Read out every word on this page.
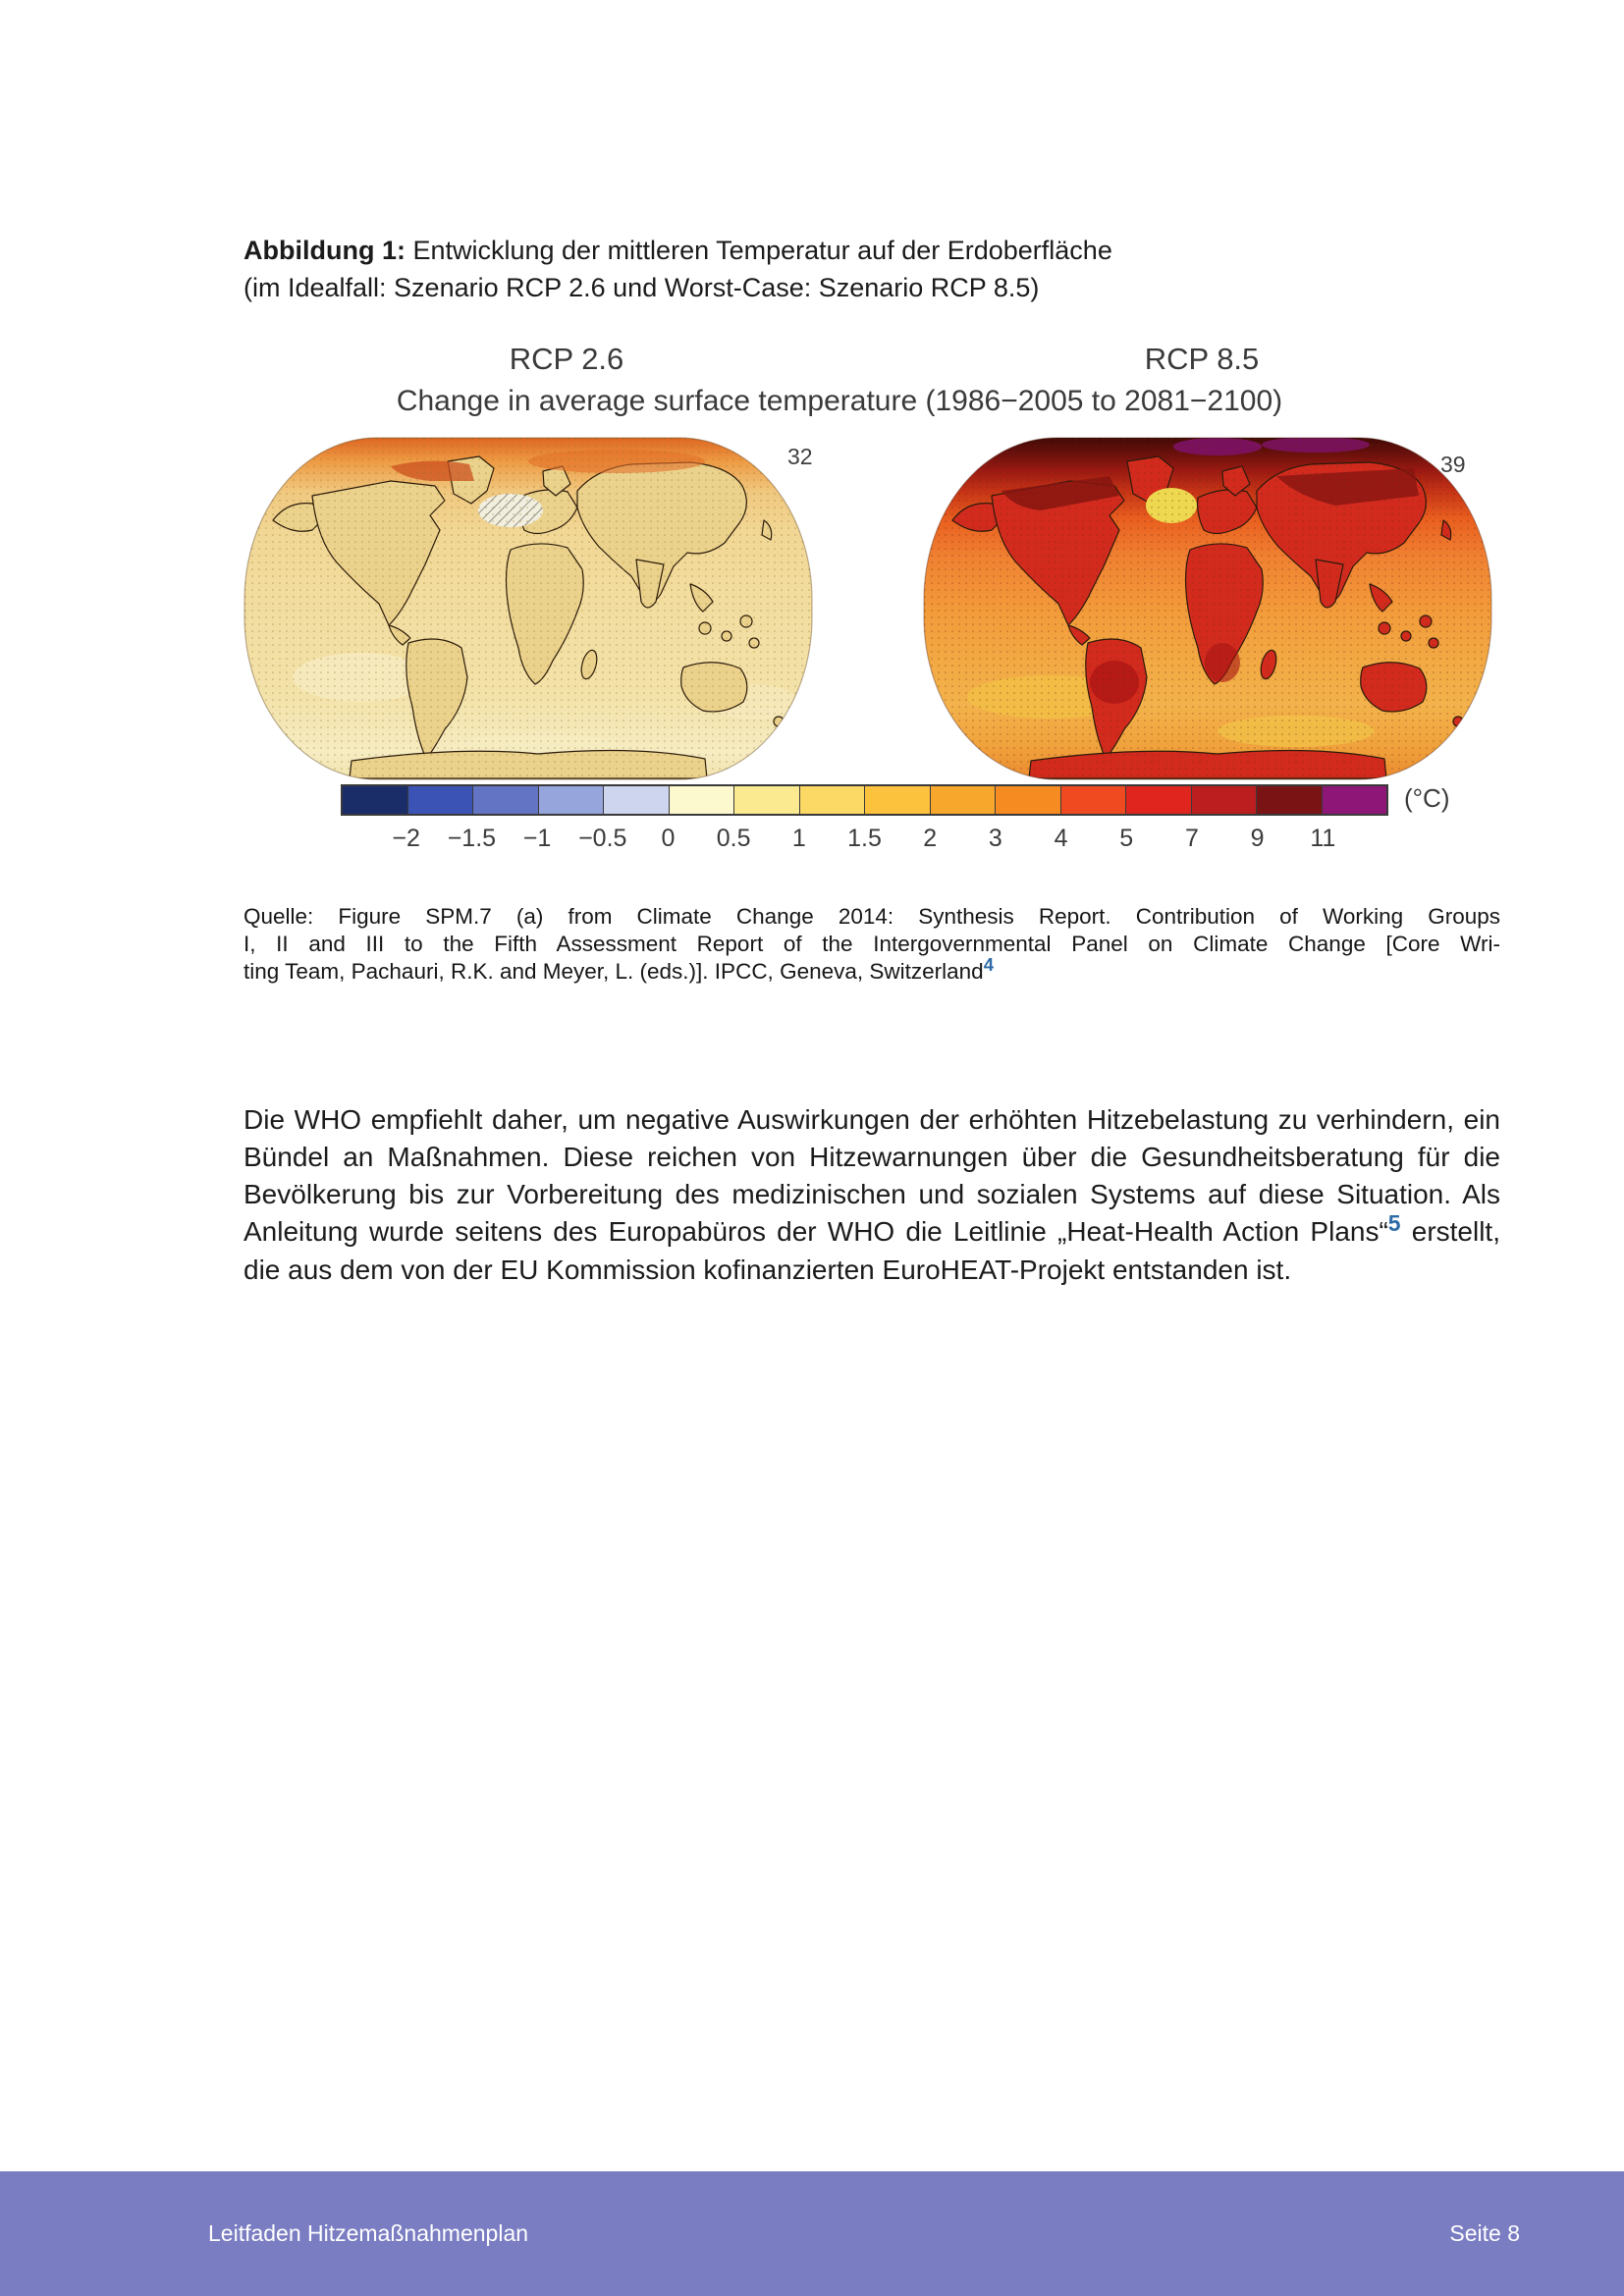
Abbildung 1: Entwicklung der mittleren Temperatur auf der Erdoberfläche
(im Idealfall: Szenario RCP 2.6 und Worst-Case: Szenario RCP 8.5)
RCP 2.6	RCP 8.5
Change in average surface temperature (1986−2005 to 2081−2100)
32	39
−2 −1.5 −1 −0.5 0 0.5 1 1.5 2 3 4 5 7 9 11
(°C)
Quelle: Figure SPM.7 (a) from Climate Change 2014: Synthesis Report. Contribution of Working Groups
I, II and III to the Fifth Assessment Report of the Intergovernmental Panel on Climate Change [Core Wri-
ting Team, Pachauri, R.K. and Meyer, L. (eds.)]. IPCC, Geneva, Switzerland$^4$

Die WHO empfiehlt daher, um negative Auswirkungen der erhöhten Hitzebelastung zu verhindern, ein Bündel an Maßnahmen. Diese reichen von Hitzewarnungen über die Gesundheitsberatung für die Bevölkerung bis zur Vorbereitung des medizinischen und sozialen Systems auf diese Situation. Als Anleitung wurde seitens des Europabüros der WHO die Leitlinie „Heat-Health Action Plans“$^5$ erstellt, die aus dem von der EU Kommission kofinanzierten EuroHEAT-Projekt entstanden ist.

Leitfaden Hitzemaßnahmenplan	Seite 8
